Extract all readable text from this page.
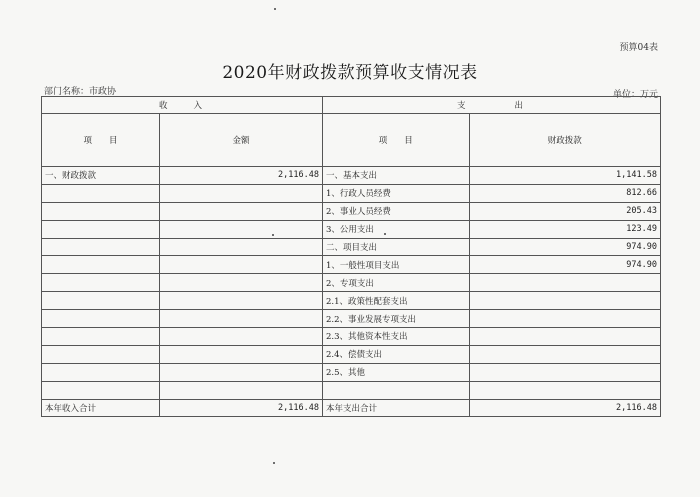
预算04表
2020年财政拨款预算收支情况表
部门名称：市政协	单位：万元
收　　入		支　　　　出	
项　　目	金额	项　　目	财政拨款
一、财政拨款	2,116.48	一、基本支出	1,141.58
		1、行政人员经费	812.66
		2、事业人员经费	205.43
		3、公用支出	123.49
		二、项目支出	974.90
		1、一般性项目支出	974.90
		2、专项支出	
		2.1、政策性配套支出	
		2.2、事业发展专项支出	
		2.3、其他资本性支出	
		2.4、偿债支出	
		2.5、其他	

本年收入合计	2,116.48	本年支出合计	2,116.48
